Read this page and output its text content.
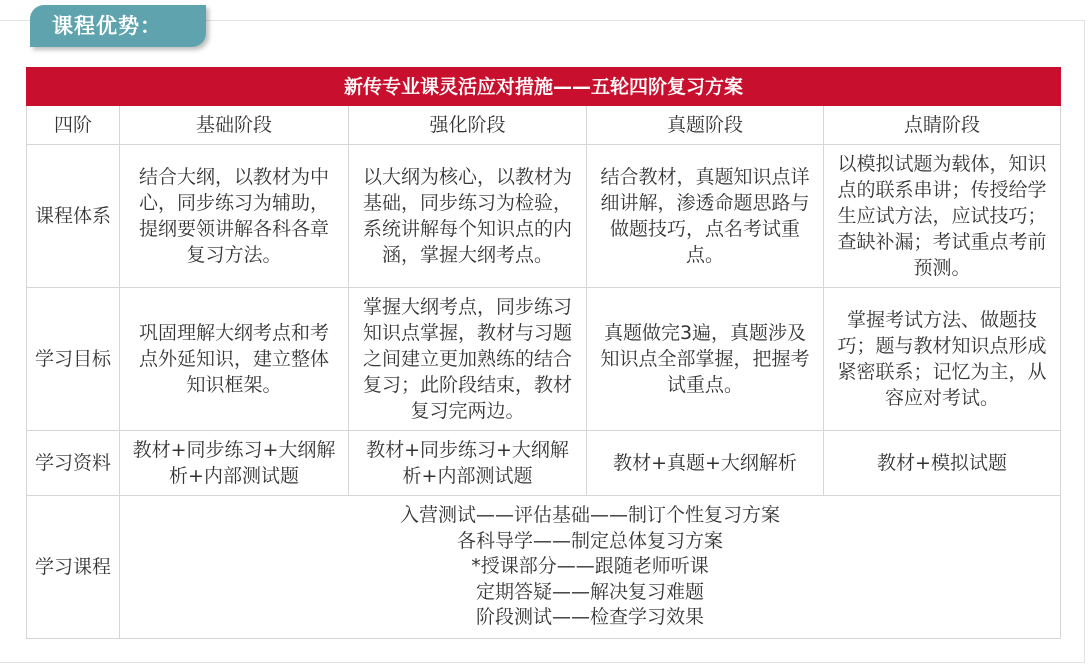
课程优势：
新传专业课灵活应对措施——五轮四阶复习方案				
四阶	基础阶段	强化阶段	真题阶段	点睛阶段
课程体系	结合大纲，以教材为中心，同步练习为辅助，提纲要领讲解各科各章复习方法。	以大纲为核心，以教材为基础，同步练习为检验，系统讲解每个知识点的内涵，掌握大纲考点。	结合教材，真题知识点详细讲解，渗透命题思路与做题技巧，点名考试重点。	以模拟试题为载体，知识点的联系串讲；传授给学生应试方法，应试技巧；查缺补漏；考试重点考前预测。
学习目标	巩固理解大纲考点和考点外延知识，建立整体知识框架。	掌握大纲考点，同步练习知识点掌握，教材与习题之间建立更加熟练的结合复习；此阶段结束，教材复习完两边。	真题做完3遍，真题涉及知识点全部掌握，把握考试重点。	掌握考试方法、做题技巧；题与教材知识点形成紧密联系；记忆为主，从容应对考试。
学习资料	教材+同步练习+大纲解析+内部测试题	教材+同步练习+大纲解析+内部测试题	教材+真题+大纲解析	教材+模拟试题
学习课程	入营测试——评估基础——制订个性复习方案
各科导学——制定总体复习方案
*授课部分——跟随老师听课
定期答疑——解决复习难题
阶段测试——检查学习效果			
